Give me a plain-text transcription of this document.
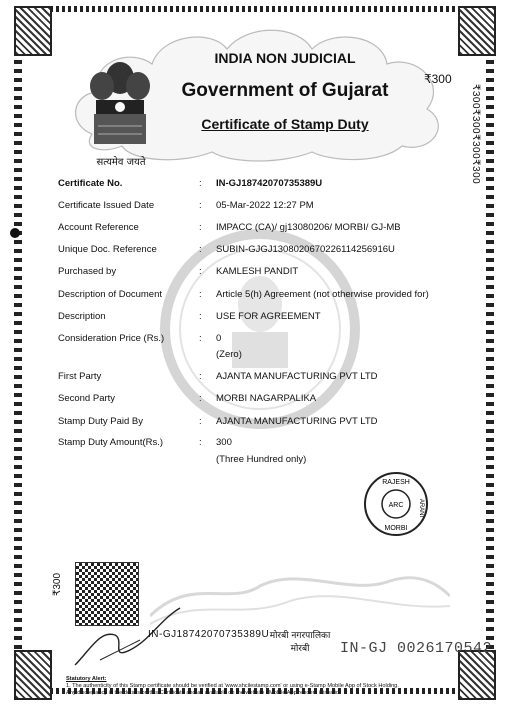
सत्यमेव जयते
INDIA NON JUDICIAL
Government of Gujarat
Certificate of Stamp Duty
₹300
₹300₹300₹300₹300
Certificate No.	: IN-GJ18742070735389U
Certificate Issued Date	: 05-Mar-2022 12:27 PM
Account Reference	: IMPACC (CA)/ gj13080206/ MORBI/ GJ-MB
Unique Doc. Reference	: SUBIN-GJGJ1308020670226114256916U
Purchased by	: KAMLESH PANDIT
Description of Document	: Article 5(h) Agreement (not otherwise provided for)
Description	: USE FOR AGREEMENT
Consideration Price (Rs.)	: 0
(Zero)
First Party	: AJANTA MANUFACTURING PVT LTD
Second Party	: MORBI NAGARPALIKA
Stamp Duty Paid By	: AJANTA MANUFACTURING PVT LTD
Stamp Duty Amount(Rs.)	: 300
(Three Hundred only)
RAJESH
ARANI
ARC
MORBI
₹300
IN-GJ18742070735389U मोरबी नगरपालिका
मोरबी	IN-GJ 0026170542
Statutory Alert:
1. The authenticity of this Stamp certificate should be verified at 'www.shcilestamp.com' or using e-Stamp Mobile App of Stock Holding.
Any discrepancy in the details on this Certificate and as available on the website / Mobile App renders it invalid.
